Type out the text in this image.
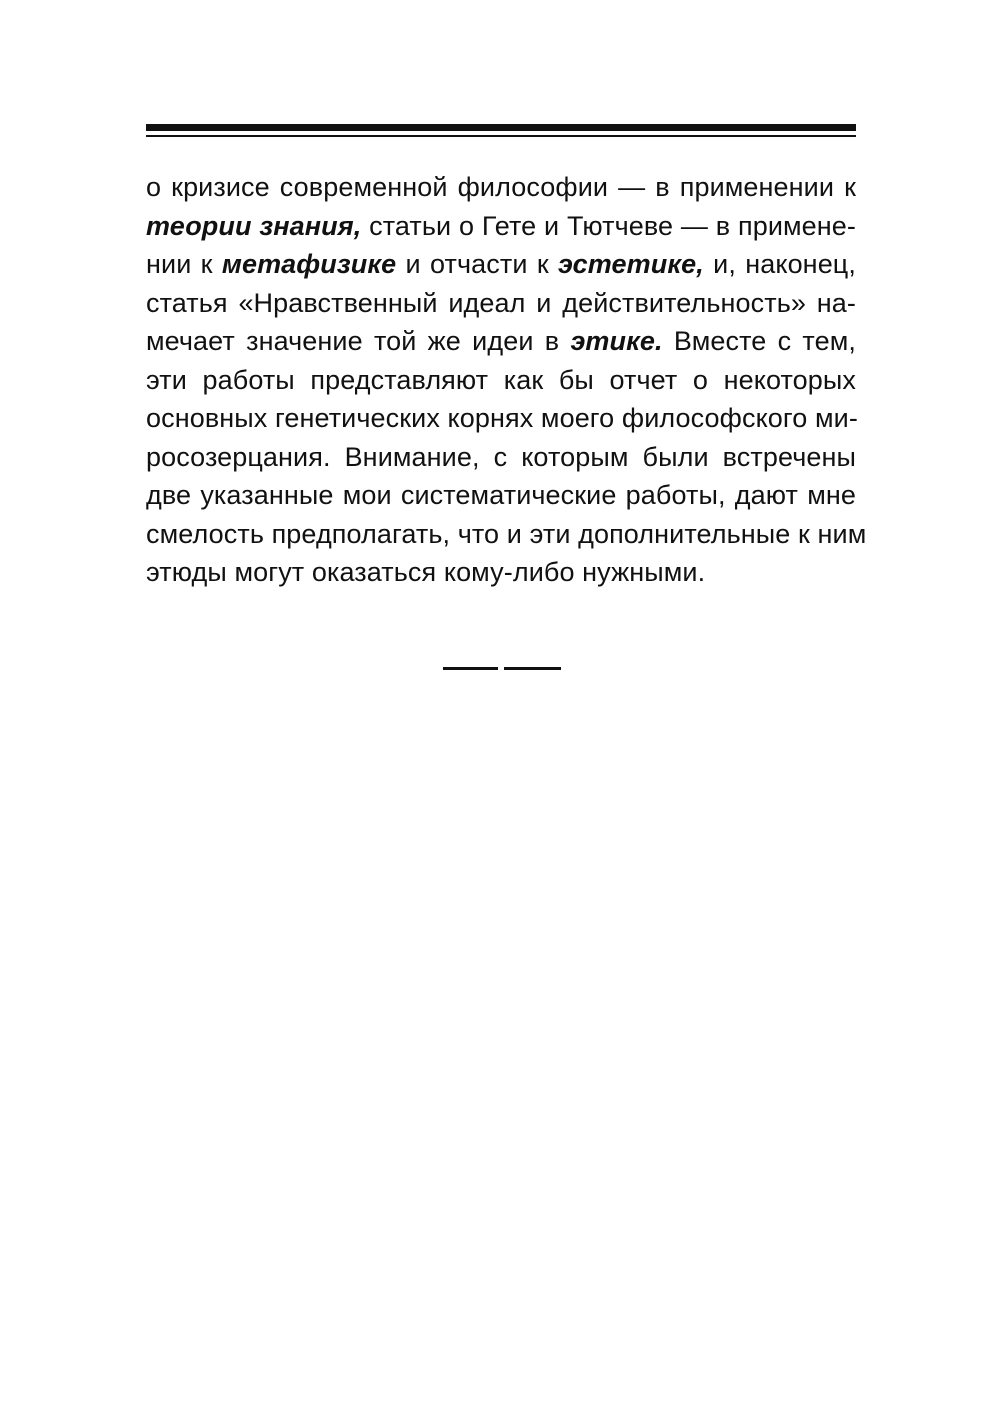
о кризисе современной философии — в применении к
теории знания, статьи о Гете и Тютчеве — в примене-
нии к метафизике и отчасти к эстетике, и, наконец,
статья «Нравственный идеал и действительность» на-
мечает значение той же идеи в этике. Вместе с тем,
эти работы представляют как бы отчет о некоторых
основных генетических корнях моего философского ми-
росозерцания. Внимание, с которым были встречены
две указанные мои систематические работы, дают мне
смелость предполагать, что и эти дополнительные к ним
этюды могут оказаться кому-либо нужными.
